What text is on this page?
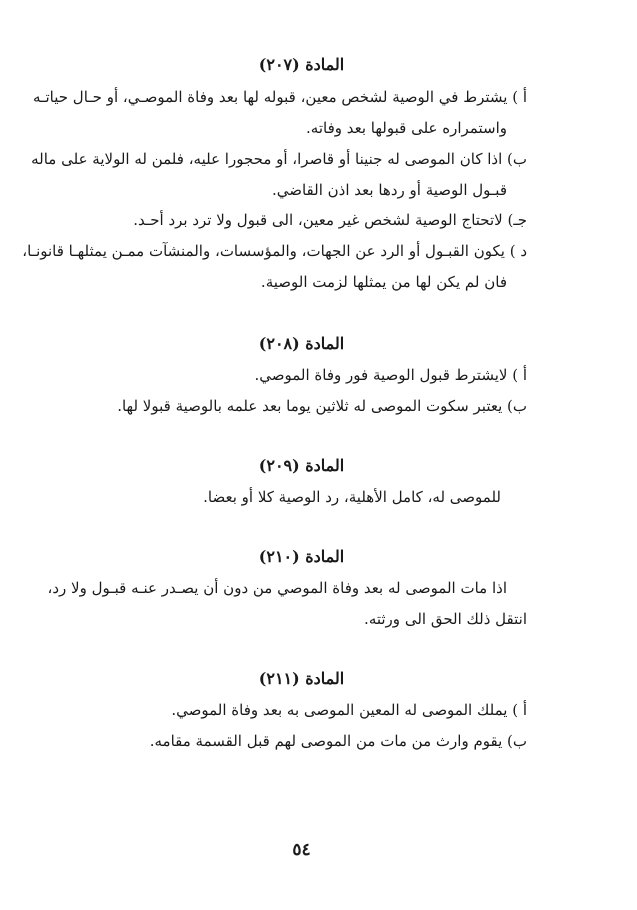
المادة (٢٠٧)
أ ) يشترط في الوصية لشخص معين، قبوله لها بعد وفاة الموصـي، أو حـال حياتـه
واستمراره على قبولها بعد وفاته.
ب) اذا كان الموصى له جنينا أو قاصرا، أو محجورا عليه، فلمن له الولاية على ماله
قبـول الوصية أو ردها بعد اذن القاضي.
جـ) لاتحتاج الوصية لشخص غير معين، الى قبول ولا ترد برد أحـد.
د ) يكون القبـول أو الرد عن الجهات، والمؤسسات، والمنشآت ممـن يمثلهـا قانونـا،
فان لم يكن لها من يمثلها لزمت الوصية.
المادة (٢٠٨)
أ ) لايشترط قبول الوصية فور وفاة الموصي.
ب) يعتبر سكوت الموصى له ثلاثين يوما بعد علمه بالوصية قبولا لها.
المادة (٢٠٩)
للموصى له، كامل الأهلية، رد الوصية كلا أو بعضا.
المادة (٢١٠)
اذا مات الموصى له بعد وفاة الموصي من دون أن يصـدر عنـه قبـول ولا رد،
انتقل ذلك الحق الى ورثته.
المادة (٢١١)
أ ) يملك الموصى له المعين الموصى به بعد وفاة الموصي.
ب) يقوم وارث من مات من الموصى لهم قبل القسمة مقامه.
٥٤
